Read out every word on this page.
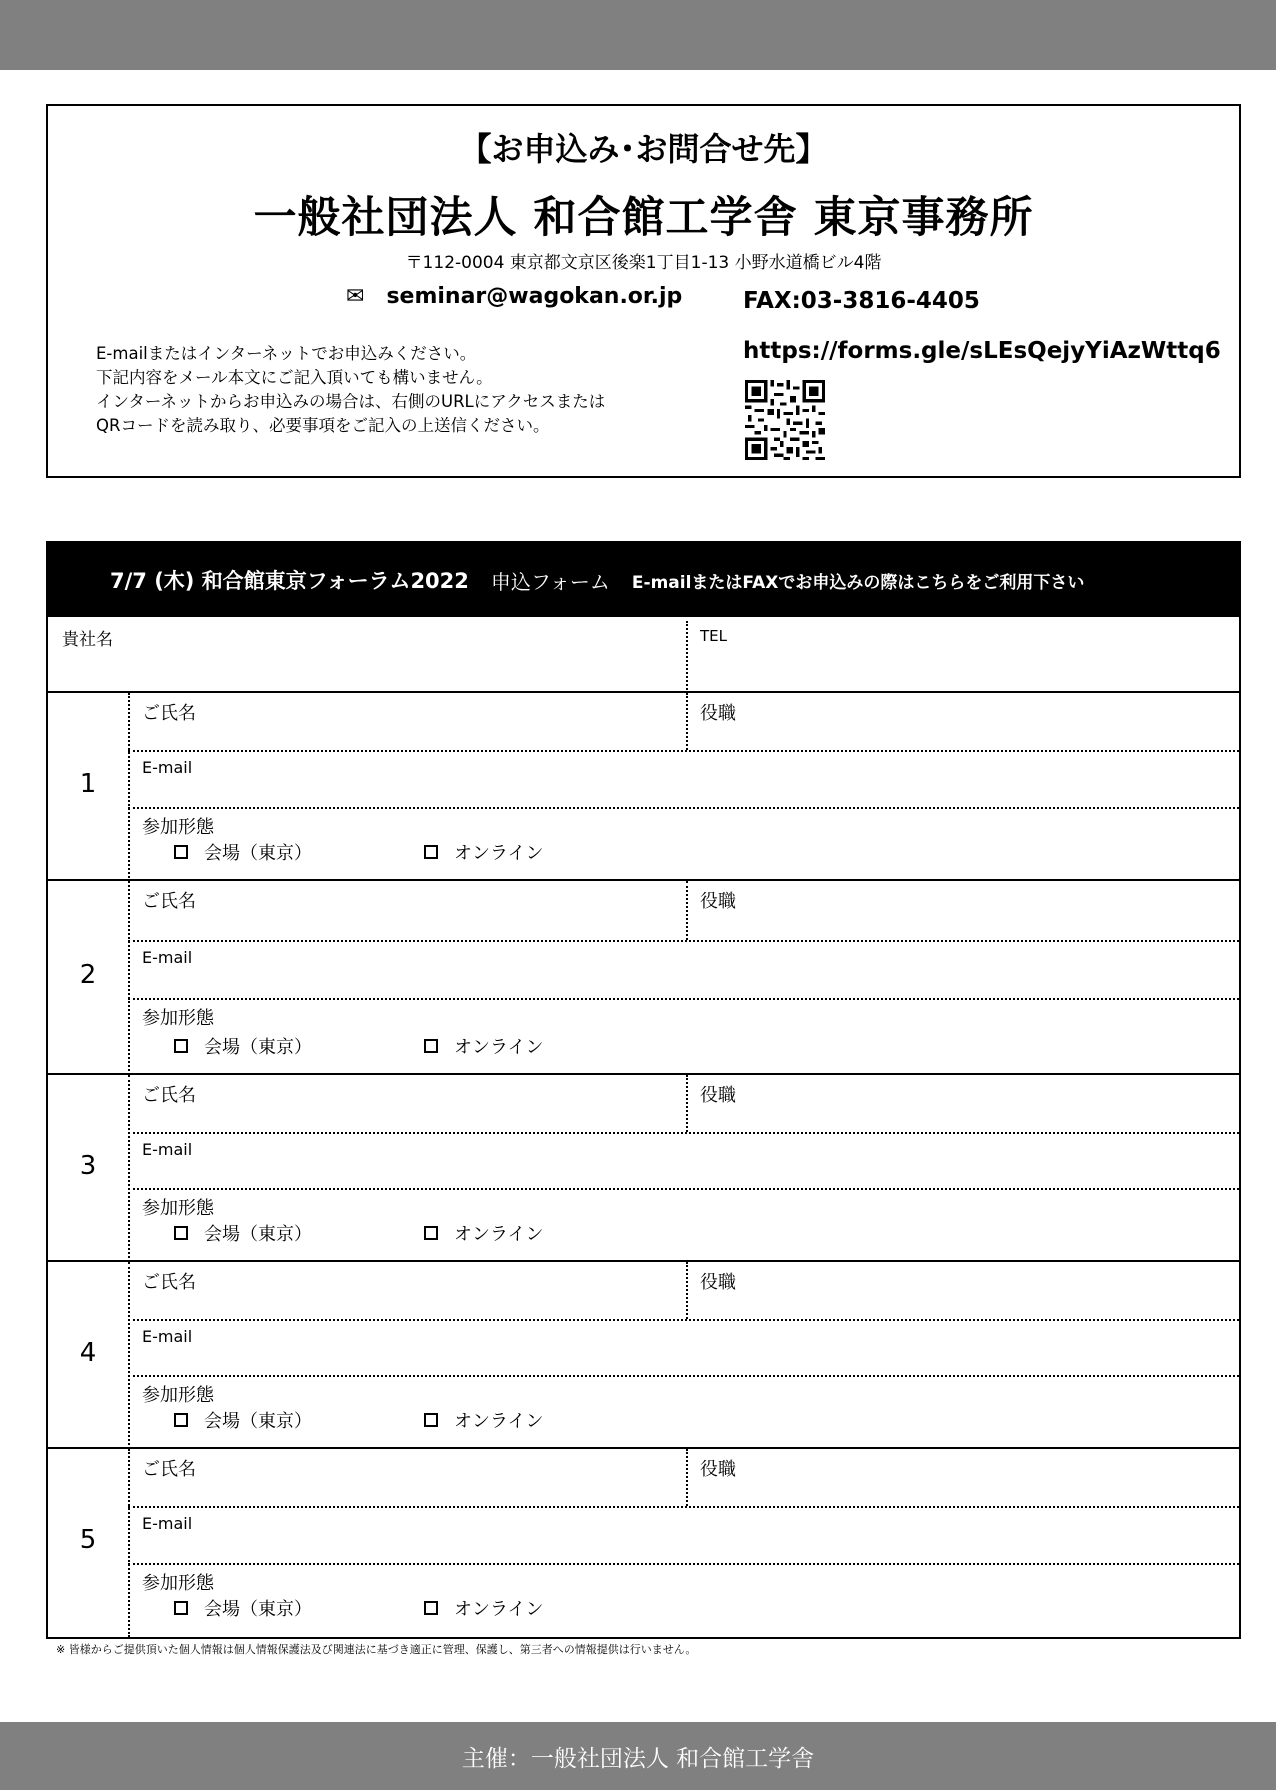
【お申込み･お問合せ先】
一般社団法人 和合館工学舎 東京事務所
〒112-0004 東京都文京区後楽1丁目1-13 小野水道橋ビル4階
✉ seminar@wagokan.or.jp	FAX:03-3816-4405
https://forms.gle/sLEsQejyYiAzWttq6
E-mailまたはインターネットでお申込みください。
下記内容をメール本文にご記入頂いても構いません。
インターネットからお申込みの場合は、右側のURLにアクセスまたは
QRコードを読み取り、必要事項をご記入の上送信ください。
7/7 (木) 和合館東京フォーラム2022 申込フォーム E-mailまたはFAXでお申込みの際はこちらをご利用下さい
貴社名	TEL
1
ご氏名	役職
E-mail
参加形態
会場（東京）	オンライン
2
ご氏名	役職
E-mail
参加形態
会場（東京）	オンライン
3
ご氏名	役職
E-mail
参加形態
会場（東京）	オンライン
4
ご氏名	役職
E-mail
参加形態
会場（東京）	オンライン
5
ご氏名	役職
E-mail
参加形態
会場（東京）	オンライン
※ 皆様からご提供頂いた個人情報は個人情報保護法及び関連法に基づき適正に管理、保護し、第三者への情報提供は行いません。
主催：一般社団法人 和合館工学舎
